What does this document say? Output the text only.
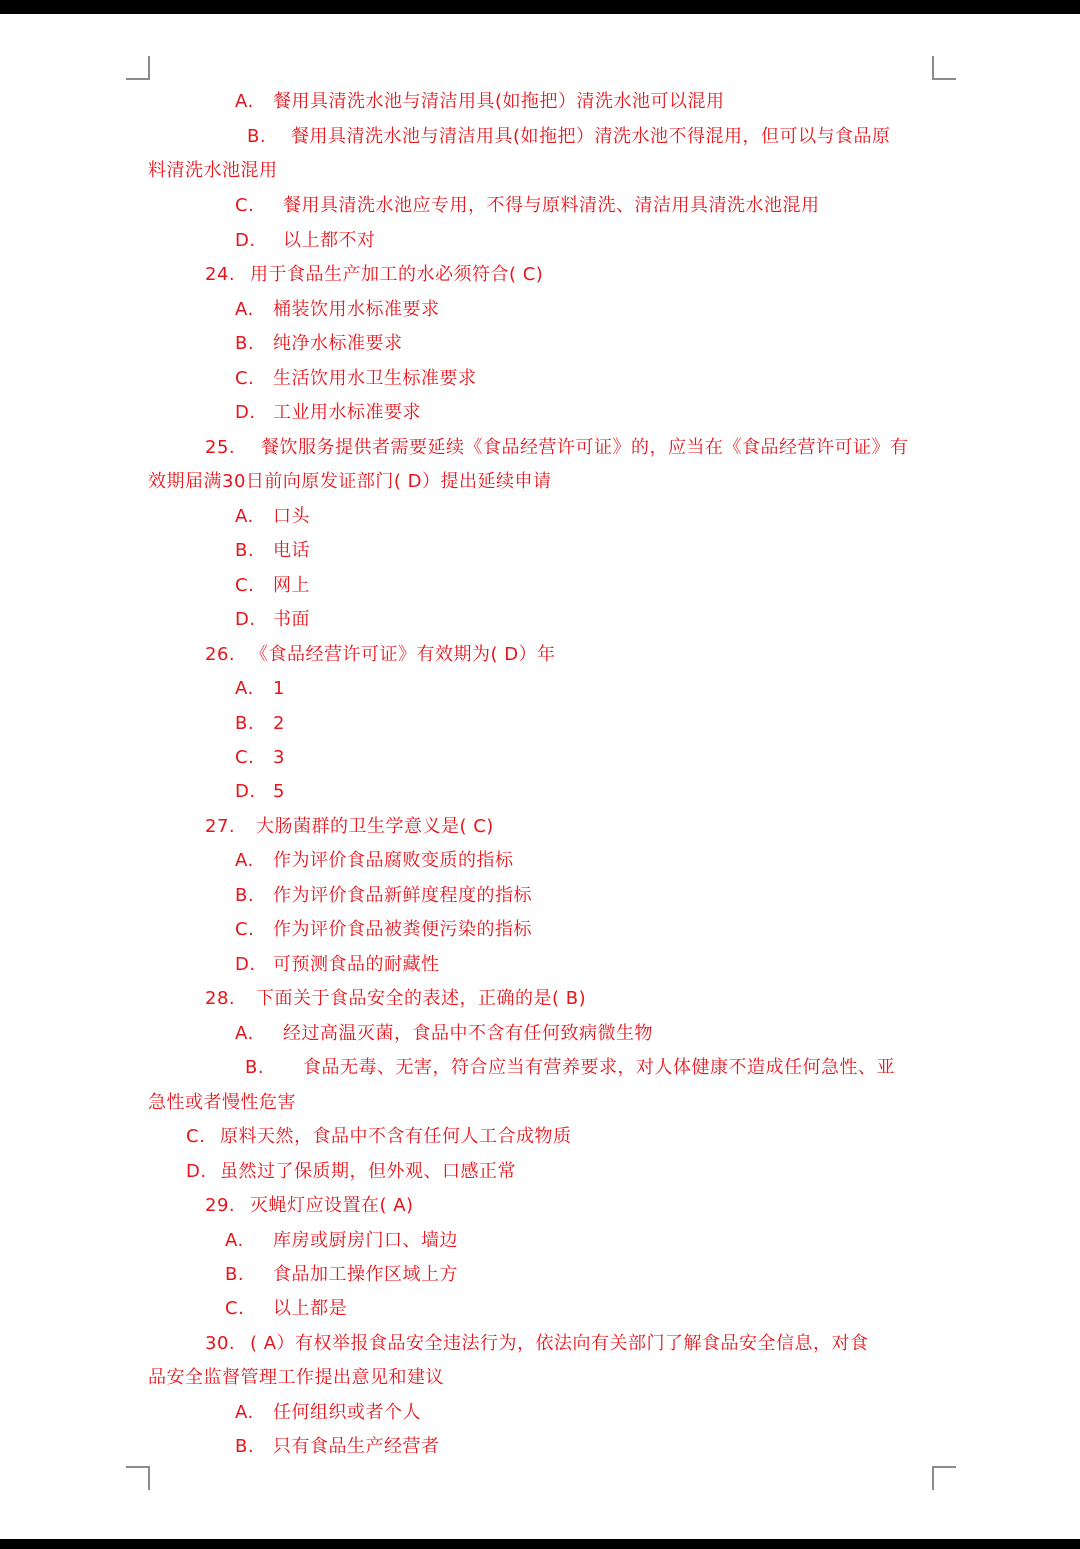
A. 餐用具清洗水池与清洁用具(如拖把）清洗水池可以混用
B. 餐用具清洗水池与清洁用具(如拖把）清洗水池不得混用，但可以与食品原
料清洗水池混用
C. 餐用具清洗水池应专用，不得与原料清洗、清洁用具清洗水池混用
D. 以上都不对
24. 用于食品生产加工的水必须符合( C)
A. 桶装饮用水标准要求
B. 纯净水标准要求
C. 生活饮用水卫生标准要求
D. 工业用水标准要求
25. 餐饮服务提供者需要延续《食品经营许可证》的，应当在《食品经营许可证》有
效期届满30日前向原发证部门( D）提出延续申请
A. 口头
B. 电话
C. 网上
D. 书面
26. 《食品经营许可证》有效期为( D）年
A. 1
B. 2
C. 3
D. 5
27. 大肠菌群的卫生学意义是( C)
A. 作为评价食品腐败变质的指标
B. 作为评价食品新鲜度程度的指标
C. 作为评价食品被粪便污染的指标
D. 可预测食品的耐藏性
28. 下面关于食品安全的表述，正确的是( B)
A. 经过高温灭菌，食品中不含有任何致病微生物
B. 食品无毒、无害，符合应当有营养要求，对人体健康不造成任何急性、亚
急性或者慢性危害
C. 原料天然，食品中不含有任何人工合成物质
D. 虽然过了保质期，但外观、口感正常
29. 灭蝇灯应设置在( A)
A. 库房或厨房门口、墙边
B. 食品加工操作区域上方
C. 以上都是
30. ( A）有权举报食品安全违法行为，依法向有关部门了解食品安全信息，对食
品安全监督管理工作提出意见和建议
A. 任何组织或者个人
B. 只有食品生产经营者
